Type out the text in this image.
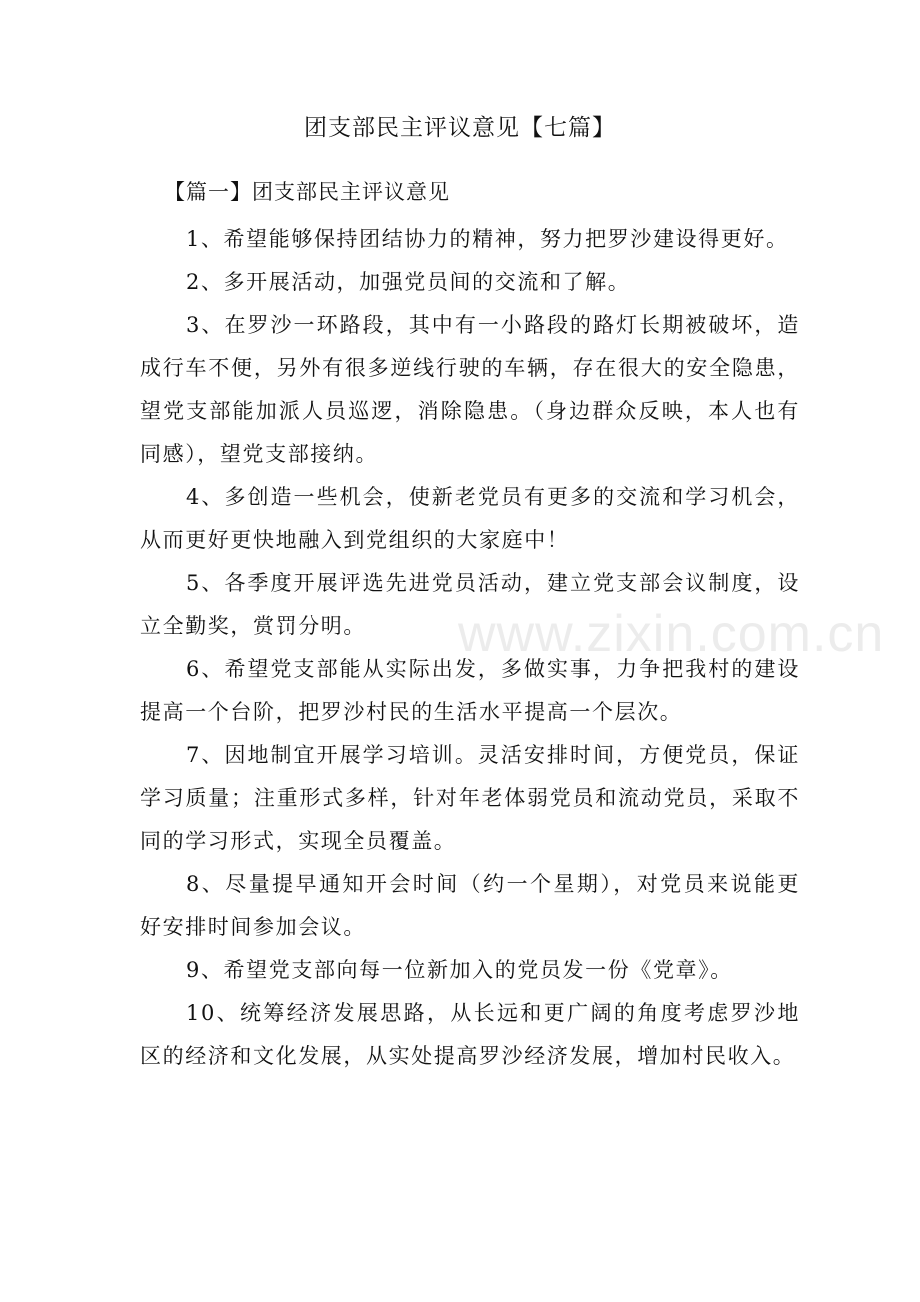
团支部民主评议意见【七篇】
【篇一】团支部民主评议意见

1、希望能够保持团结协力的精神，努力把罗沙建设得更好。

2、多开展活动，加强党员间的交流和了解。

3、在罗沙一环路段，其中有一小路段的路灯长期被破坏，造成行车不便，另外有很多逆线行驶的车辆，存在很大的安全隐患，望党支部能加派人员巡逻，消除隐患。（身边群众反映，本人也有同感），望党支部接纳。

4、多创造一些机会，使新老党员有更多的交流和学习机会，从而更好更快地融入到党组织的大家庭中！

5、各季度开展评选先进党员活动，建立党支部会议制度，设立全勤奖，赏罚分明。

6、希望党支部能从实际出发，多做实事，力争把我村的建设提高一个台阶，把罗沙村民的生活水平提高一个层次。

7、因地制宜开展学习培训。灵活安排时间，方便党员，保证学习质量；注重形式多样，针对年老体弱党员和流动党员，采取不同的学习形式，实现全员覆盖。

8、尽量提早通知开会时间（约一个星期），对党员来说能更好安排时间参加会议。

9、希望党支部向每一位新加入的党员发一份《党章》。

10、统筹经济发展思路，从长远和更广阔的角度考虑罗沙地区的经济和文化发展，从实处提高罗沙经济发展，增加村民收入。

www.zixin.com.cn
